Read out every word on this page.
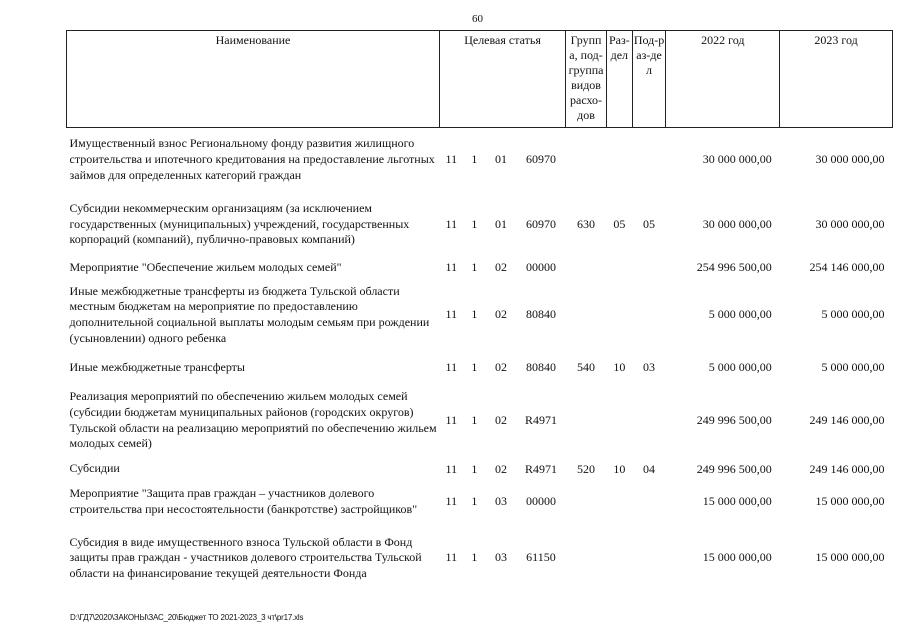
60
Наименование	Целевая статья				Группа, под-группа видов расхо-дов	Раз-дел	Под-раз-дел	2022 год	2023 год
Имущественный взнос Региональному фонду развития жилищного строительства и ипотечного кредитования на предоставление льготных займов для определенных категорий граждан	11	1	01	60970				30 000 000,00	30 000 000,00
Субсидии некоммерческим организациям (за исключением государственных (муниципальных) учреждений, государственных корпораций (компаний), публично-правовых компаний)	11	1	01	60970	630	05	05	30 000 000,00	30 000 000,00
Мероприятие "Обеспечение жильем молодых семей"	11	1	02	00000				254 996 500,00	254 146 000,00
Иные межбюджетные трансферты из бюджета Тульской области местным бюджетам на мероприятие по предоставлению дополнительной социальной выплаты молодым семьям при рождении (усыновлении) одного ребенка	11	1	02	80840				5 000 000,00	5 000 000,00
Иные межбюджетные трансферты	11	1	02	80840	540	10	03	5 000 000,00	5 000 000,00
Реализация мероприятий по обеспечению жильем молодых семей (субсидии бюджетам муниципальных районов (городских округов) Тульской области на реализацию мероприятий по обеспечению жильем молодых семей)	11	1	02	R4971				249 996 500,00	249 146 000,00
Субсидии	11	1	02	R4971	520	10	04	249 996 500,00	249 146 000,00
Мероприятие "Защита прав граждан – участников долевого строительства при несостоятельности (банкротстве) застройщиков"	11	1	03	00000				15 000 000,00	15 000 000,00
Субсидия в виде имущественного взноса Тульской области в Фонд защиты прав граждан - участников долевого строительства Тульской области на финансирование текущей деятельности Фонда	11	1	03	61150				15 000 000,00	15 000 000,00
D:\ГД7\2020\ЗАКОНЫ\ЗАС_20\Бюджет ТО 2021-2023_3 чт\pr17.xls
